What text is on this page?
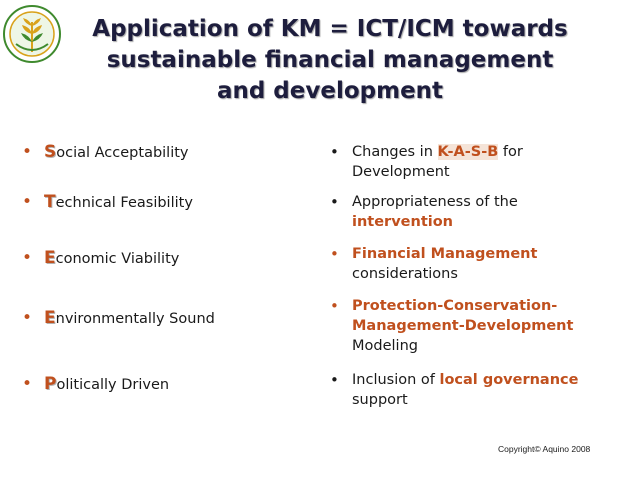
Application of KM = ICT/ICM towards
sustainable financial management
and development
• Social Acceptability
• Technical Feasibility
• Economic Viability
• Environmentally Sound
• Politically Driven
• Changes in K-A-S-B for Development
• Appropriateness of the intervention
• Financial Management considerations
• Protection-Conservation-Management-Development Modeling
• Inclusion of local governance support
Copyright© Aquino 2008
